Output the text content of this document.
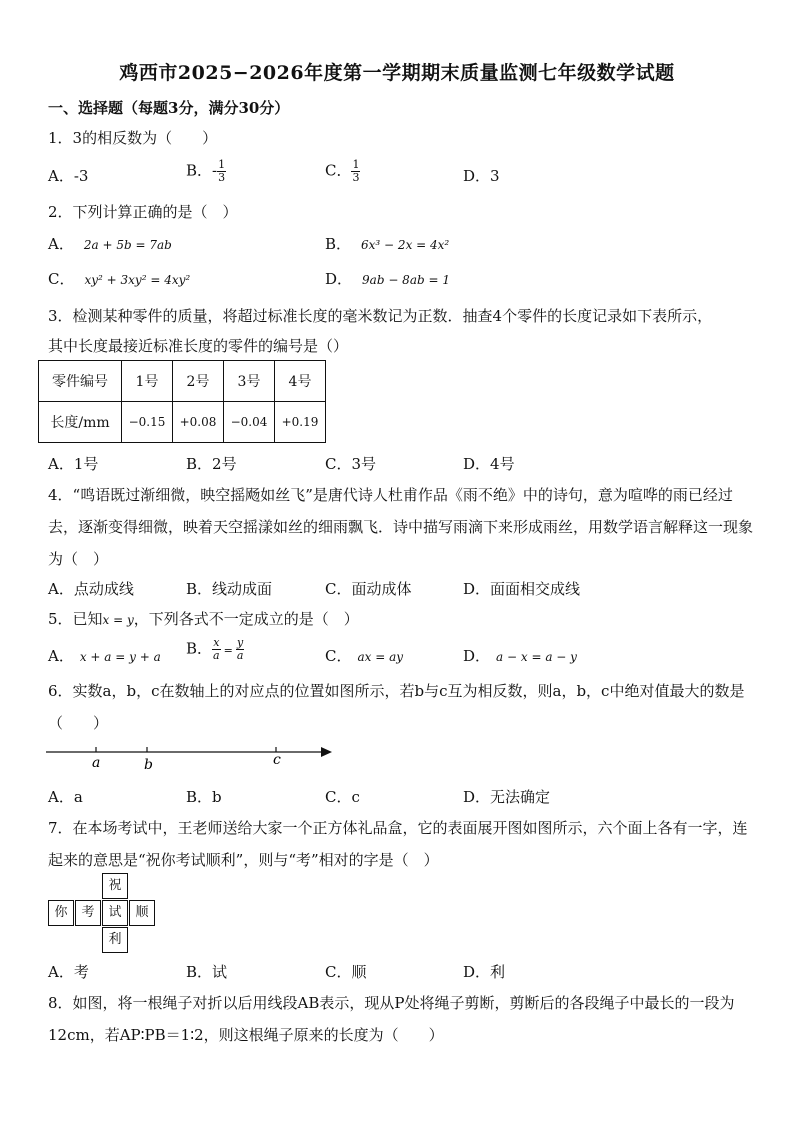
鸡西市2025−2026年度第一学期期末质量监测七年级数学试题
一、选择题（每题3分，满分30分）
1．3的相反数为（　　）
A．-3	B．- $\frac{1}{3}$	C． $\frac{1}{3}$	D．3
2．下列计算正确的是（　）
A． 2a + 5b = 7ab	B． 6x³ − 2x = 4x²
C． xy² + 3xy² = 4xy²	D． 9ab − 8ab = 1
3．检测某种零件的质量，将超过标准长度的毫米数记为正数．抽查4个零件的长度记录如下表所示，
其中长度最接近标准长度的零件的编号是（）
零件编号	1号	2号	3号	4号
长度/mm	−0.15	+0.08	−0.04	+0.19
A．1号	B．2号	C．3号	D．4号
4．“鸣语既过渐细微，映空摇飏如丝飞”是唐代诗人杜甫作品《雨不绝》中的诗句，意为喧哗的雨已经过去，逐渐变得细微，映着天空摇漾如丝的细雨飘飞．诗中描写雨滴下来形成雨丝，用数学语言解释这一现象为（　）
A．点动成线	B．线动成面	C．面动成体	D．面面相交成线
5．已知x = y，下列各式不一定成立的是（　）
A． x + a = y + a B． $\frac{x}{a} = \frac{y}{a}$	C． ax = ay	D． a − x = a − y
6．实数a，b，c在数轴上的对应点的位置如图所示，若b与c互为相反数，则a，b，c中绝对值最大的数是（　　）
a	b	c
A．a	B．b	C．c	D．无法确定
7．在本场考试中，王老师送给大家一个正方体礼品盒，它的表面展开图如图所示，六个面上各有一字，连起来的意思是“祝你考试顺利”，则与“考”相对的字是（　）
祝
你	考	试	顺
利
A．考	B．试	C．顺	D．利
8．如图，将一根绳子对折以后用线段AB表示，现从P处将绳子剪断，剪断后的各段绳子中最长的一段为12cm，若AP∶PB＝1∶2，则这根绳子原来的长度为（　　）
